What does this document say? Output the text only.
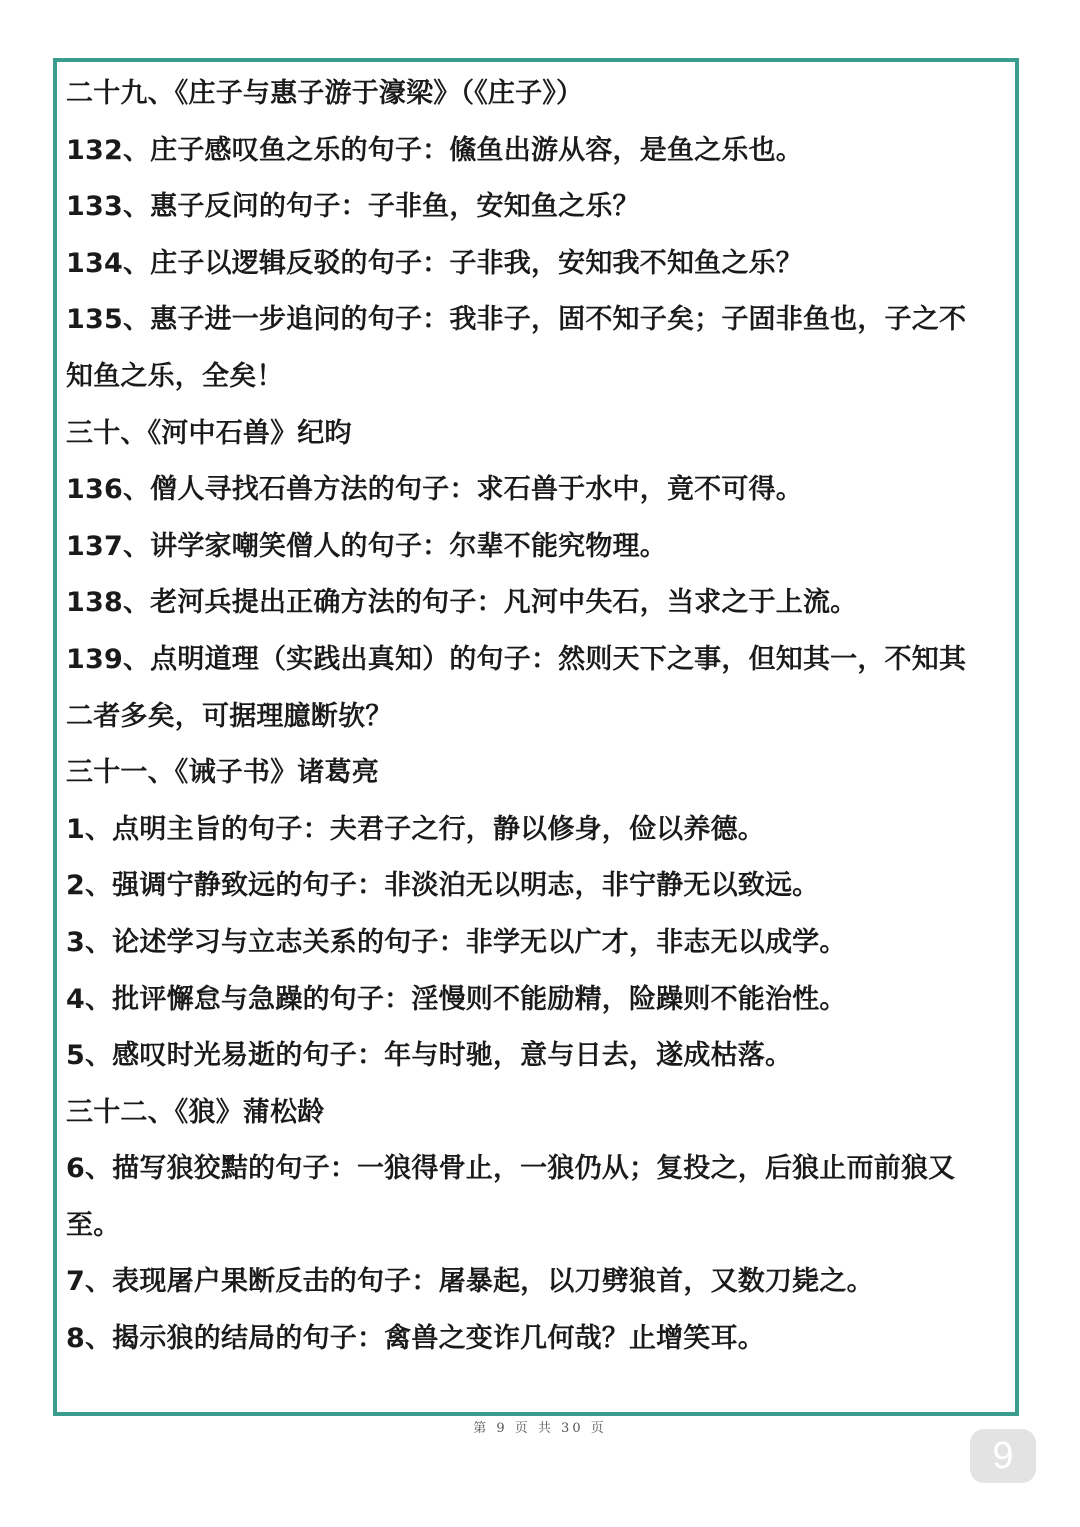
二十九、《庄子与惠子游于濠梁》（《庄子》）
132、庄子感叹鱼之乐的句子：鯈鱼出游从容，是鱼之乐也。
133、惠子反问的句子：子非鱼，安知鱼之乐？
134、庄子以逻辑反驳的句子：子非我，安知我不知鱼之乐？
135、惠子进一步追问的句子：我非子，固不知子矣；子固非鱼也，子之不
知鱼之乐，全矣！
三十、《河中石兽》纪昀
136、僧人寻找石兽方法的句子：求石兽于水中，竟不可得。
137、讲学家嘲笑僧人的句子：尔辈不能究物理。
138、老河兵提出正确方法的句子：凡河中失石，当求之于上流。
139、点明道理（实践出真知）的句子：然则天下之事，但知其一，不知其
二者多矣，可据理臆断欤？
三十一、《诫子书》诸葛亮
1、点明主旨的句子：夫君子之行，静以修身，俭以养德。
2、强调宁静致远的句子：非淡泊无以明志，非宁静无以致远。
3、论述学习与立志关系的句子：非学无以广才，非志无以成学。
4、批评懈怠与急躁的句子：淫慢则不能励精，险躁则不能治性。
5、感叹时光易逝的句子：年与时驰，意与日去，遂成枯落。
三十二、《狼》蒲松龄
6、描写狼狡黠的句子：一狼得骨止，一狼仍从；复投之，后狼止而前狼又
至。
7、表现屠户果断反击的句子：屠暴起，以刀劈狼首，又数刀毙之。
8、揭示狼的结局的句子：禽兽之变诈几何哉？止增笑耳。
第 9 页 共 30 页
9
